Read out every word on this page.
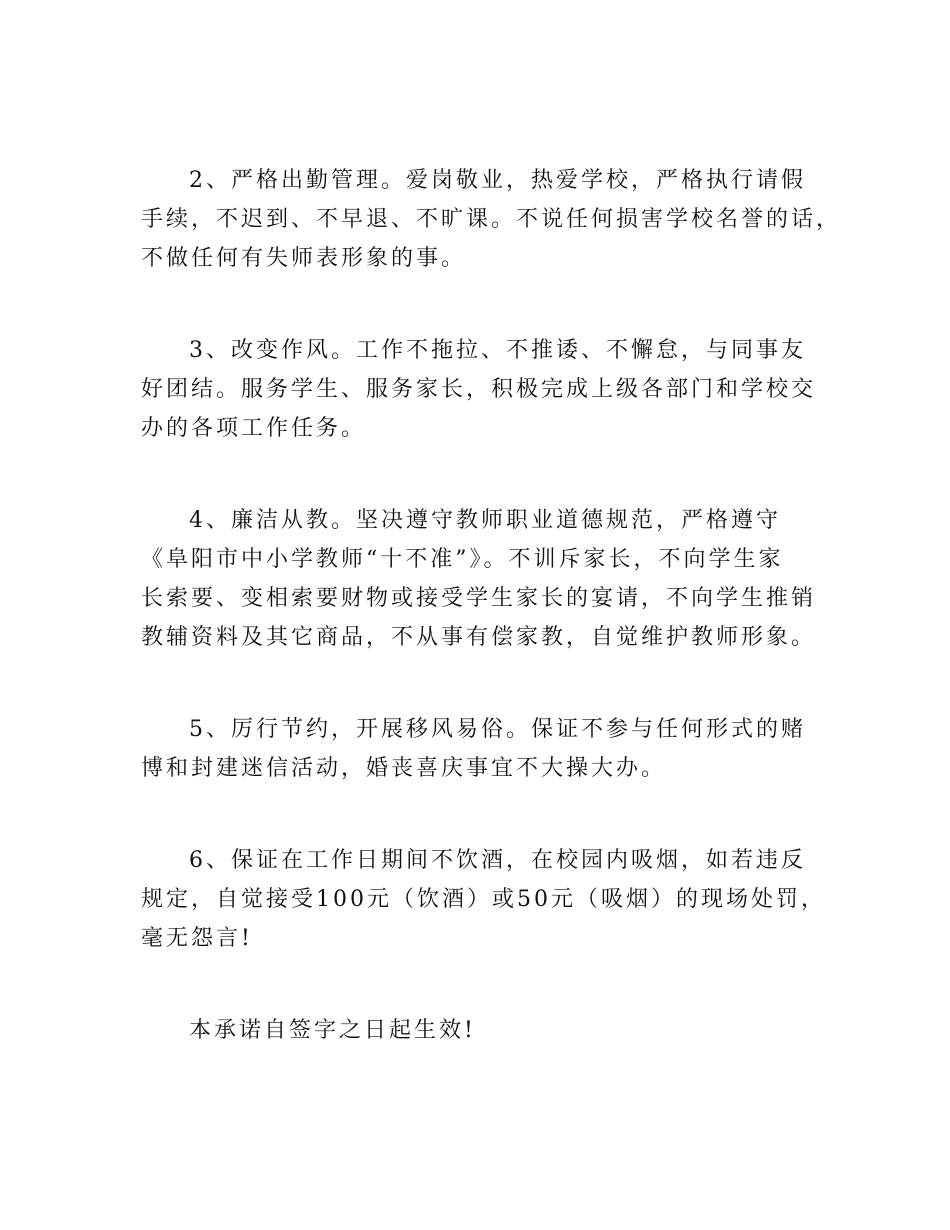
2、严格出勤管理。爱岗敬业，热爱学校，严格执行请假
手续，不迟到、不早退、不旷课。不说任何损害学校名誉的话，
不做任何有失师表形象的事。

3、改变作风。工作不拖拉、不推诿、不懈怠，与同事友
好团结。服务学生、服务家长，积极完成上级各部门和学校交
办的各项工作任务。

4、廉洁从教。坚决遵守教师职业道德规范，严格遵守
《阜阳市中小学教师“十不准”》。不训斥家长，不向学生家
长索要、变相索要财物或接受学生家长的宴请，不向学生推销
教辅资料及其它商品，不从事有偿家教，自觉维护教师形象。

5、厉行节约，开展移风易俗。保证不参与任何形式的赌
博和封建迷信活动，婚丧喜庆事宜不大操大办。

6、保证在工作日期间不饮酒，在校园内吸烟，如若违反
规定，自觉接受100元（饮酒）或50元（吸烟）的现场处罚，
毫无怨言!

本承诺自签字之日起生效!
